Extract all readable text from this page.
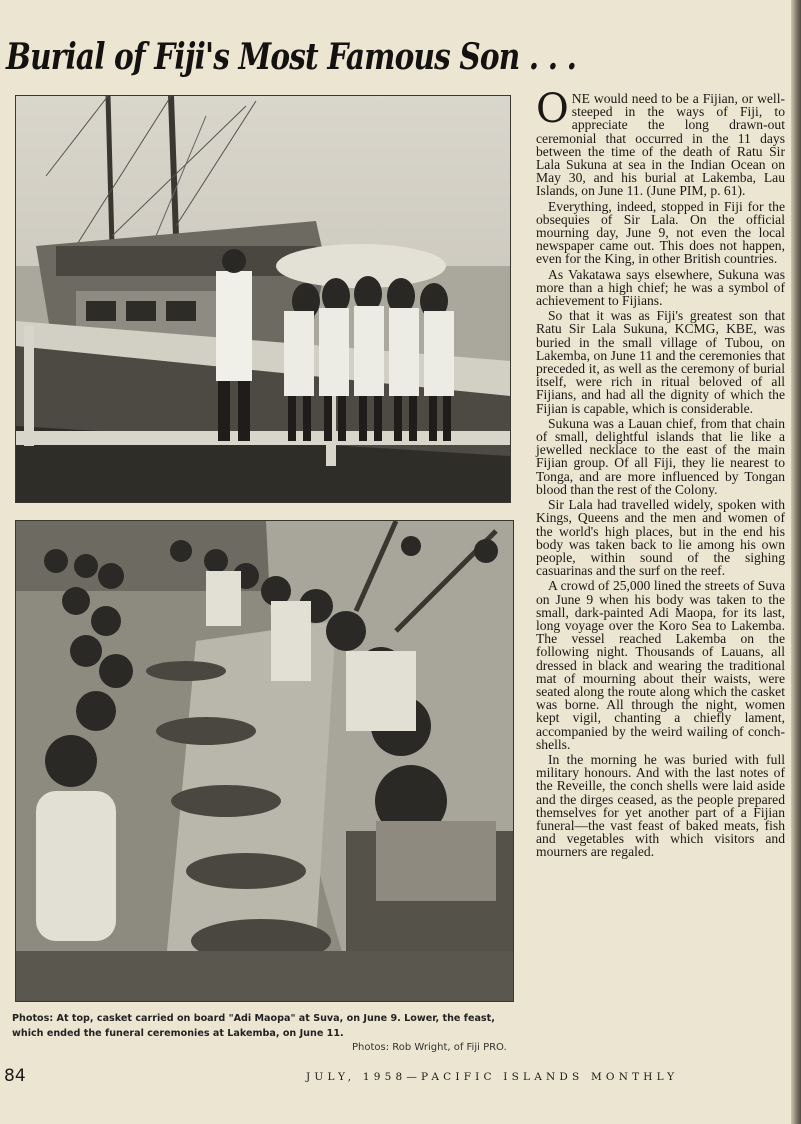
Burial of Fiji's Most Famous Son . . .
Photos: At top, casket carried on board "Adi Maopa" at Suva, on June 9. Lower, the feast,
which ended the funeral ceremonies at Lakemba, on June 11.
Photos: Rob Wright, of Fiji PRO.

ONE would need to be a Fijian, or well-steeped in the ways of Fiji, to appreciate the long drawn-out ceremonial that occurred in the 11 days between the time of the death of Ratu Sir Lala Sukuna at sea in the Indian Ocean on May 30, and his burial at Lakemba, Lau Islands, on June 11. (June PIM, p. 61).

Everything, indeed, stopped in Fiji for the obsequies of Sir Lala. On the official mourning day, June 9, not even the local newspaper came out. This does not happen, even for the King, in other British countries.

As Vakatawa says elsewhere, Sukuna was more than a high chief; he was a symbol of achievement to Fijians.

So that it was as Fiji's greatest son that Ratu Sir Lala Sukuna, KCMG, KBE, was buried in the small village of Tubou, on Lakemba, on June 11 and the ceremonies that preceded it, as well as the ceremony of burial itself, were rich in ritual beloved of all Fijians, and had all the dignity of which the Fijian is capable, which is considerable.

Sukuna was a Lauan chief, from that chain of small, delightful islands that lie like a jewelled necklace to the east of the main Fijian group. Of all Fiji, they lie nearest to Tonga, and are more influenced by Tongan blood than the rest of the Colony.

Sir Lala had travelled widely, spoken with Kings, Queens and the men and women of the world's high places, but in the end his body was taken back to lie among his own people, within sound of the sighing casuarinas and the surf on the reef.

A crowd of 25,000 lined the streets of Suva on June 9 when his body was taken to the small, dark-painted Adi Maopa, for its last, long voyage over the Koro Sea to Lakemba. The vessel reached Lakemba on the following night. Thousands of Lauans, all dressed in black and wearing the traditional mat of mourning about their waists, were seated along the route along which the casket was borne. All through the night, women kept vigil, chanting a chiefly lament, accompanied by the weird wailing of conch-shells.

In the morning he was buried with full military honours. And with the last notes of the Reveille, the conch shells were laid aside and the dirges ceased, as the people prepared themselves for yet another part of a Fijian funeral—the vast feast of baked meats, fish and vegetables with which visitors and mourners are regaled.

84	JULY, 1958—PACIFIC ISLANDS MONTHLY
